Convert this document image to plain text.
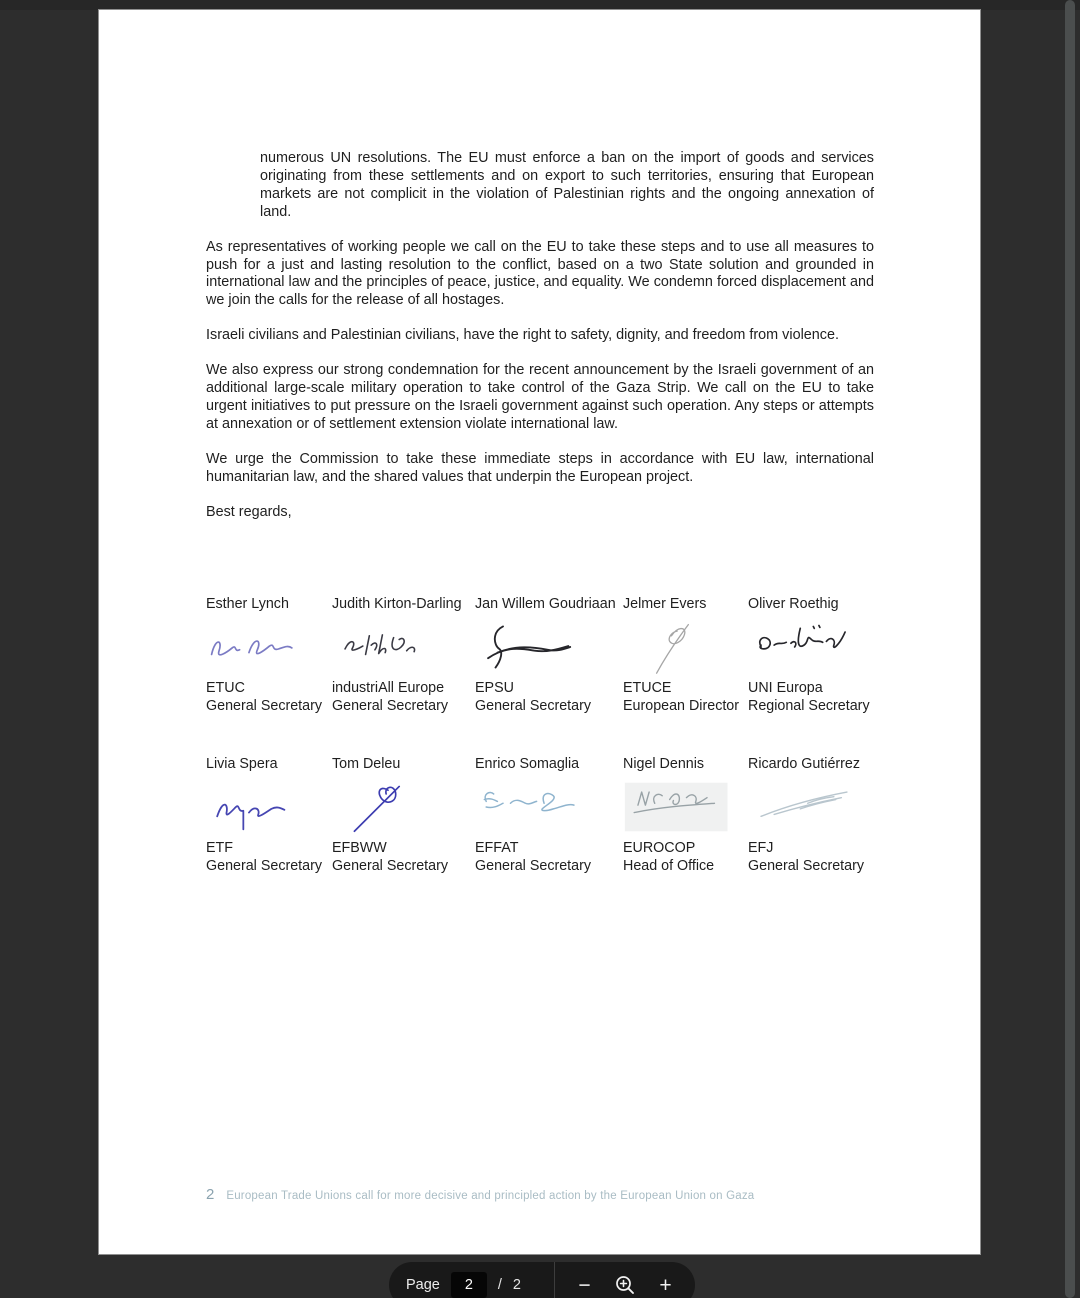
numerous UN resolutions. The EU must enforce a ban on the import of goods and services originating from these settlements and on export to such territories, ensuring that European markets are not complicit in the violation of Palestinian rights and the ongoing annexation of land.

As representatives of working people we call on the EU to take these steps and to use all measures to push for a just and lasting resolution to the conflict, based on a two State solution and grounded in international law and the principles of peace, justice, and equality. We condemn forced displacement and we join the calls for the release of all hostages.

Israeli civilians and Palestinian civilians, have the right to safety, dignity, and freedom from violence.

We also express our strong condemnation for the recent announcement by the Israeli government of an additional large-scale military operation to take control of the Gaza Strip. We call on the EU to take urgent initiatives to put pressure on the Israeli government against such operation. Any steps or attempts at annexation or of settlement extension violate international law.

We urge the Commission to take these immediate steps in accordance with EU law, international humanitarian law, and the shared values that underpin the European project.

Best regards,

Esther Lynch
ETUC
General Secretary
Judith Kirton-Darling
industriAll Europe
General Secretary
Jan Willem Goudriaan
EPSU
General Secretary
Jelmer Evers
ETUCE
European Director
Oliver Roethig
UNI Europa
Regional Secretary
Livia Spera
ETF
General Secretary
Tom Deleu
EFBWW
General Secretary
Enrico Somaglia
EFFAT
General Secretary
Nigel Dennis
EUROCOP
Head of Office
Ricardo Gutiérrez
EFJ
General Secretary
2 European Trade Unions call for more decisive and principled action by the European Union on Gaza
Page
2	/ 2	−	+
